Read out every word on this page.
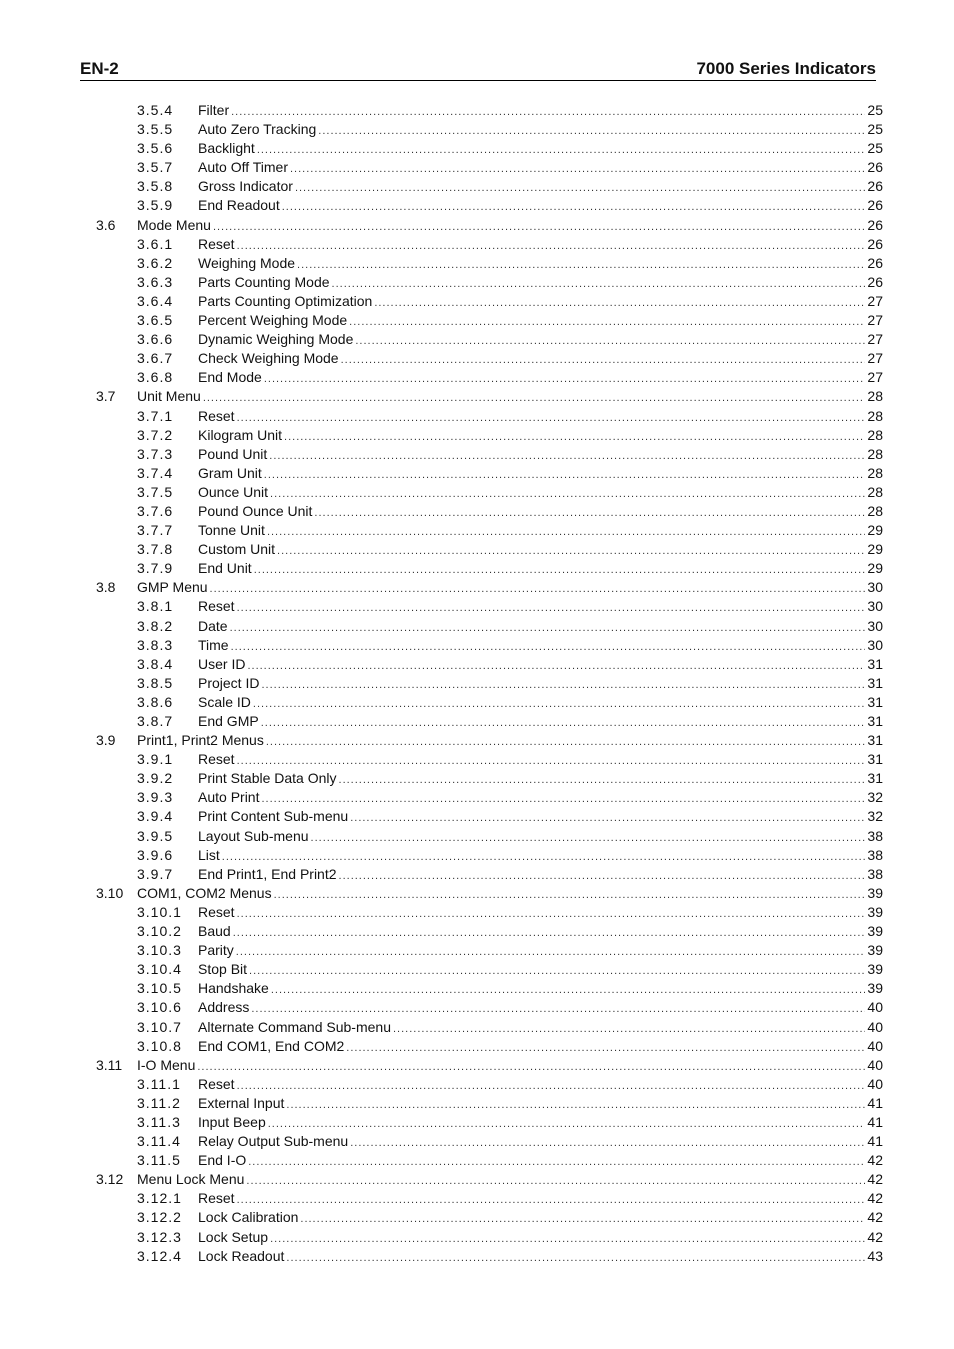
EN-2	7000 Series Indicators
3.5.4 Filter .....	25
3.5.5 Auto Zero Tracking .....	25
3.5.6 Backlight .....	25
3.5.7 Auto Off Timer .....	26
3.5.8 Gross Indicator .....	26
3.5.9 End Readout .....	26
3.6 Mode Menu .....	26
3.6.1 Reset .....	26
3.6.2 Weighing Mode .....	26
3.6.3 Parts Counting Mode .....	26
3.6.4 Parts Counting Optimization .....	27
3.6.5 Percent Weighing Mode .....	27
3.6.6 Dynamic Weighing Mode .....	27
3.6.7 Check Weighing Mode .....	27
3.6.8 End Mode .....	27
3.7 Unit Menu .....	28
3.7.1 Reset .....	28
3.7.2 Kilogram Unit .....	28
3.7.3 Pound Unit .....	28
3.7.4 Gram Unit .....	28
3.7.5 Ounce Unit .....	28
3.7.6 Pound Ounce Unit .....	28
3.7.7 Tonne Unit .....	29
3.7.8 Custom Unit .....	29
3.7.9 End Unit .....	29
3.8 GMP Menu .....	30
3.8.1 Reset .....	30
3.8.2 Date .....	30
3.8.3 Time .....	30
3.8.4 User ID .....	31
3.8.5 Project ID .....	31
3.8.6 Scale ID .....	31
3.8.7 End GMP .....	31
3.9 Print1, Print2 Menus .....	31
3.9.1 Reset .....	31
3.9.2 Print Stable Data Only .....	31
3.9.3 Auto Print .....	32
3.9.4 Print Content Sub-menu .....	32
3.9.5 Layout Sub-menu .....	38
3.9.6 List .....	38
3.9.7 End Print1, End Print2 .....	38
3.10 COM1, COM2 Menus .....	39
3.10.1 Reset .....	39
3.10.2 Baud .....	39
3.10.3 Parity .....	39
3.10.4 Stop Bit .....	39
3.10.5 Handshake .....	39
3.10.6 Address .....	40
3.10.7 Alternate Command Sub-menu .....	40
3.10.8 End COM1, End COM2 .....	40
3.11 I-O Menu .....	40
3.11.1 Reset .....	40
3.11.2 External Input .....	41
3.11.3 Input Beep .....	41
3.11.4 Relay Output Sub-menu .....	41
3.11.5 End I-O .....	42
3.12 Menu Lock Menu .....	42
3.12.1 Reset .....	42
3.12.2 Lock Calibration .....	42
3.12.3 Lock Setup .....	42
3.12.4 Lock Readout .....	43
